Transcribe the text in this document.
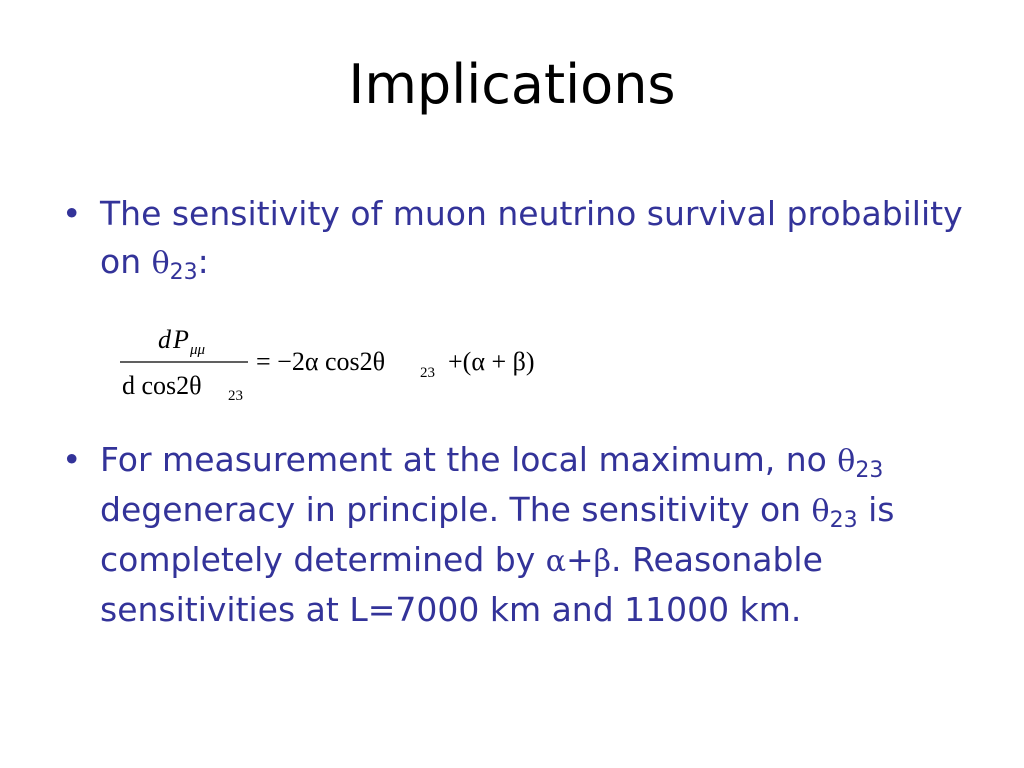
Implications
• The sensitivity of muon neutrino survival probability on $\theta_{23}$:
d P μμ
d cos2θ 23
= −2α cos2θ 23 +(α + β)
• For measurement at the local maximum, no $\theta_{23}$ degeneracy in principle. The sensitivity on $\theta_{23}$ is completely determined by α+β. Reasonable sensitivities at L=7000 km and 11000 km.
